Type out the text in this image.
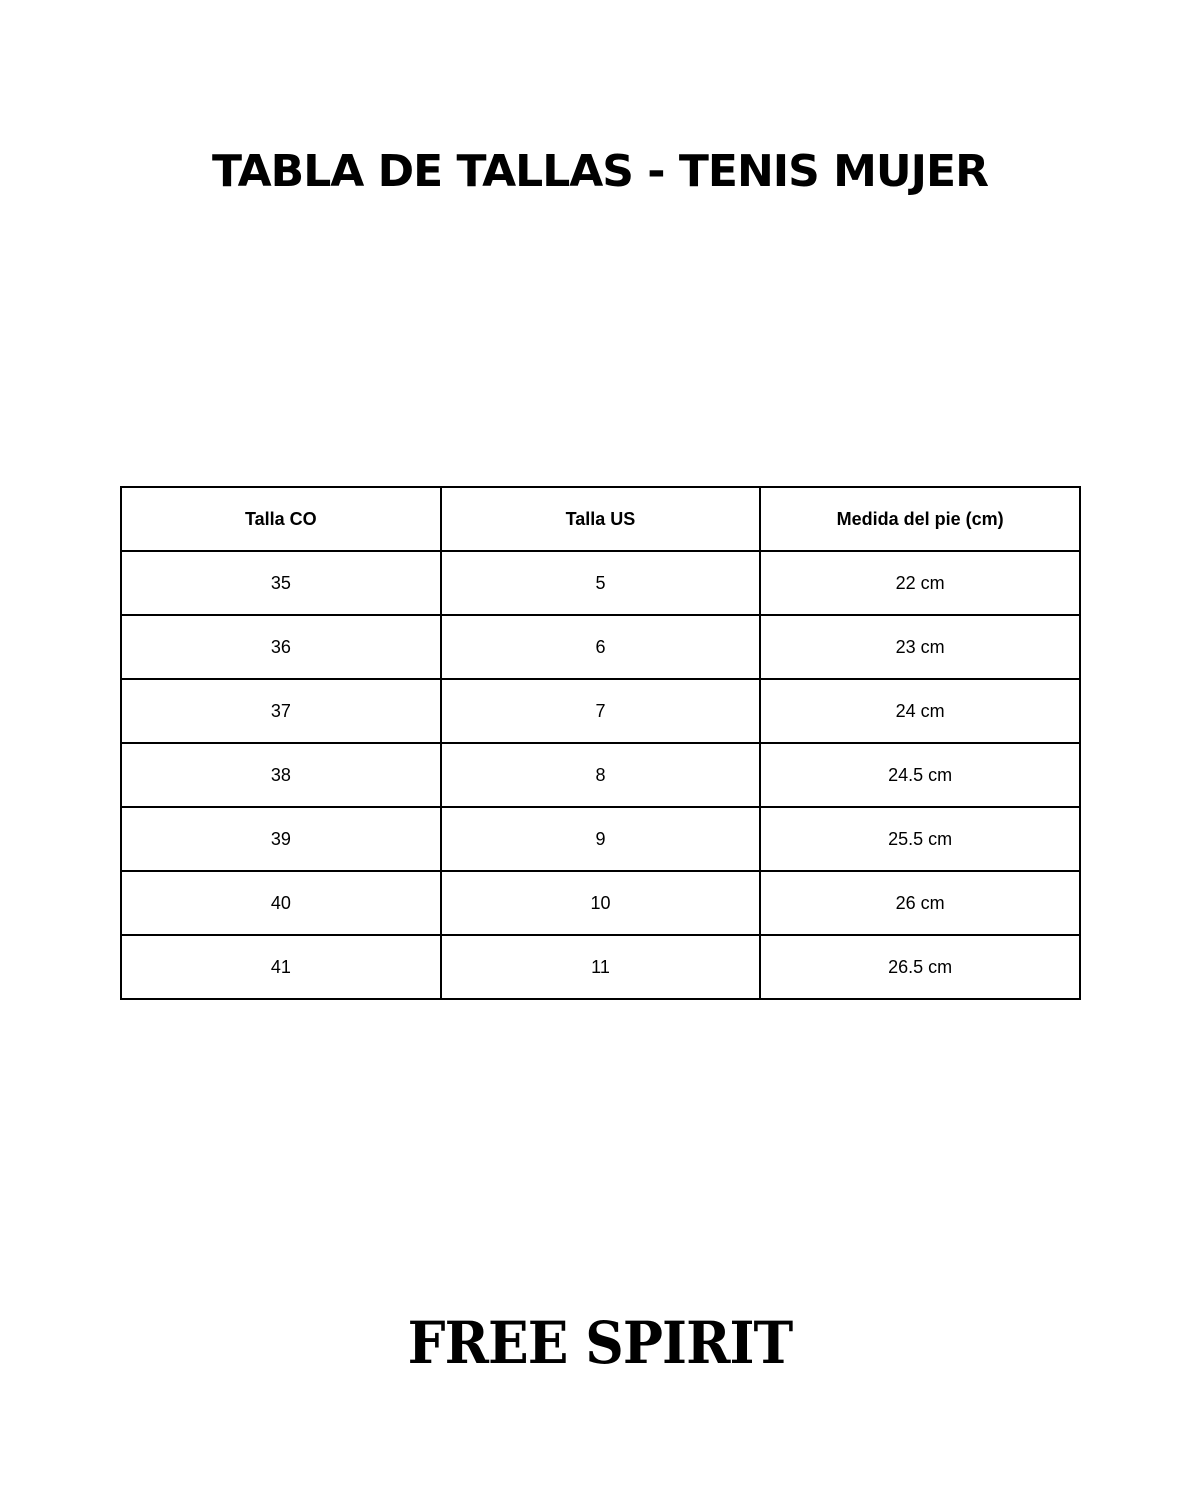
TABLA DE TALLAS - TENIS MUJER
Talla CO	Talla US	Medida del pie (cm)
35	5	22 cm
36	6	23 cm
37	7	24 cm
38	8	24.5 cm
39	9	25.5 cm
40	10	26 cm
41	11	26.5 cm
FREE SPIRIT
